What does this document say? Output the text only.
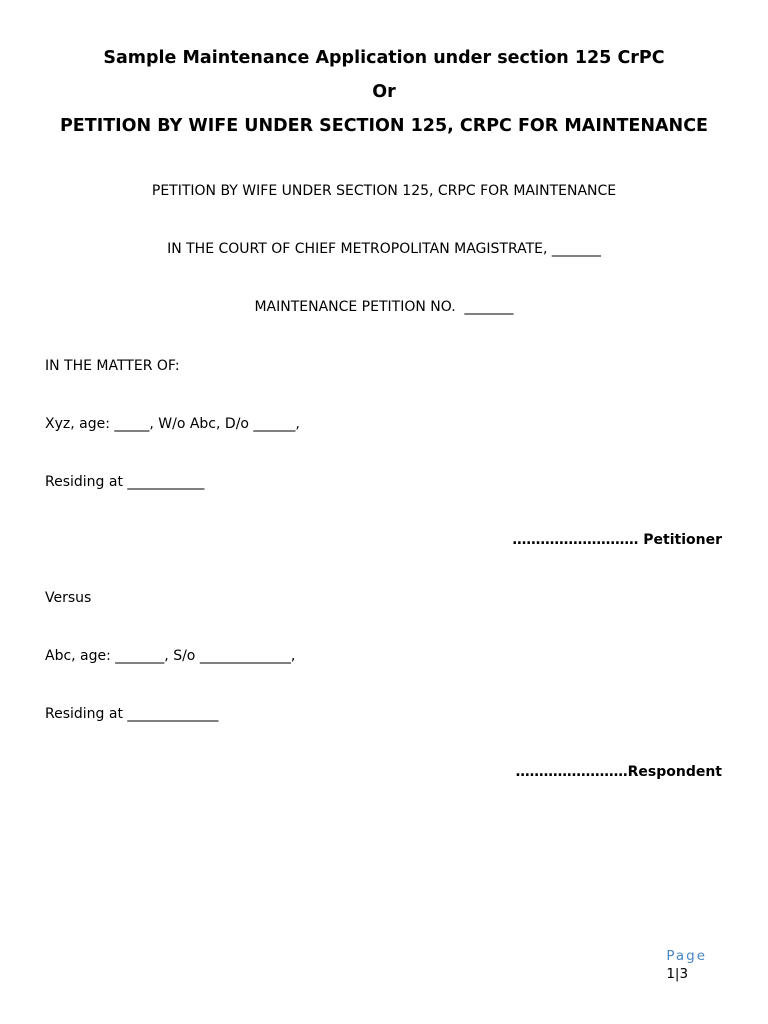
Sample Maintenance Application under section 125 CrPC
Or
PETITION BY WIFE UNDER SECTION 125, CRPC FOR MAINTENANCE
PETITION BY WIFE UNDER SECTION 125, CRPC FOR MAINTENANCE
IN THE COURT OF CHIEF METROPOLITAN MAGISTRATE, _______
MAINTENANCE PETITION NO.  _______
IN THE MATTER OF:
Xyz, age: _____, W/o Abc, D/o ______,
Residing at ___________
……………………… Petitioner
Versus
Abc, age: _______, S/o _____________,
Residing at _____________
……………………Respondent

Page
1|3
